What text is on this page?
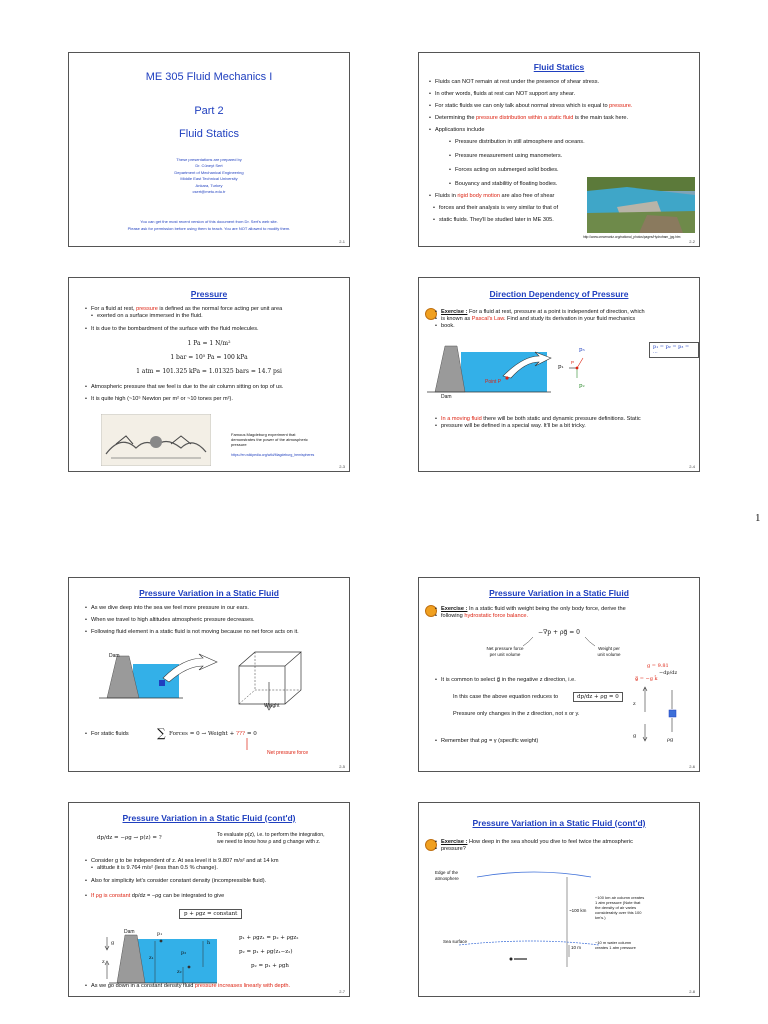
ME 305 Fluid Mechanics I
Part 2
Fluid Statics
These presentations are prepared by
Dr. Cüneyt Sert
Department of Mechanical Engineering
Middle East Technical University
Ankara, Turkey
csert@metu.edu.tr
You can get the most recent version of this document from Dr. Sert's web site.
Please ask for permission before using them to teach. You are NOT allowed to modify them.
2-1
Fluid Statics
• Fluids can NOT remain at rest under the presence of shear stress.
• In other words, fluids at rest can NOT support any shear.
• For static fluids we can only talk about normal stress which is equal to pressure.
• Determining the pressure distribution within a static fluid is the main task here.
• Applications include
• Pressure distribution in still atmosphere and oceans.
• Pressure measurement using manometers.
• Forces acting on submerged solid bodies.
• Bouyancy and stabilitiy of floating bodies.
• Fluids in rigid body motion are also free of shear
• forces and their analysis is very similar to that of
• static fluids. They'll be studied later in ME 305.
http://www.crewmarkz.org/national_photos/pages/Hydrofram_jpg.htm
2-2
Pressure
• For a fluid at rest, pressure is defined as the normal force acting per unit area
• exerted on a surface immersed in the fluid.
• It is due to the bombardment of the surface with the fluid molecules.
1 Pa = 1 N/m²
1 bar = 10⁵ Pa = 100 kPa
1 atm = 101.325 kPa = 1.01325 bars = 14.7 psi
• Atmospheric pressure that we feel is due to the air column sitting on top of us.
• It is quite high (~10⁵ Newton per m² or ~10 tones per m²).
Famous Magdeburg experiment that demonstrates the power of the atmospheric pressure
https://en.wikipedia.org/wiki/Magdeburg_hemispheres
2-3
Direction Dependency of Pressure
• Exercise : For a fluid at rest, pressure at a point is independent of direction, which
• is known as Pascal's Law. Find and study its derivation in your fluid mechanics
• book.
Dam
Point P
p₁
p₃
p₂
P
p₁ = p₂ = p₃ = ···
• In a moving fluid there will be both static and dynamic pressure definitions. Static
• pressure will be defined in a special way. It'll be a bit tricky.
2-4
1
Pressure Variation in a Static Fluid
• As we dive deep into the sea we feel more pressure in our ears.
• When we travel to high altitudes atmospheric pressure decreases.
• Following fluid element in a static fluid is not moving because no net force acts on it.
Dam
Weight
• For static fluids ∑ Forces = 0 → Weight + ??? = 0
Net pressure force
2-5
Pressure Variation in a Static Fluid
• Exercise : In a static fluid with weight being the only body force, derive the
• following hydrostatic force balance.
−∇p + ρg⃗ = 0
Net pressure force
per unit volume
Weight per
unit volume
g = 9.81
g⃗ = −g k̂
• It is common to select g⃗ in the negative z direction, i.e.
In this case the above equation reduces to	dp/dz + ρg = 0
Pressure only changes in the z direction, not x or y.
−dp/dz
z
g
ρg
• Remember that ρg = γ (specific weight)
2-6
Pressure Variation in a Static Fluid (cont'd)
dp/dz = −ρg → p(z) = ?	To evaluate p(z), i.e. to perform the integration,
we need to know how ρ and g change with z.
• Consider g to be independent of z. At sea level it is 9.807 m/s² and at 14 km
• altitude it is 9.764 m/s² (less than 0.5 % change).
• Also for simplicity let's consider constant density (incompressible fluid).
• If ρg is constant dp/dz = −ρg can be integrated to give
p + ρgz = constant
Dam
g
z
p₁
p₂
z₁
z₂
h
p₁ + ρgz₁ = p₂ + ρgz₂
p₂ = p₁ + ρg(z₁−z₂)
p₂ = p₁ + ρgh
• As we go down in a constant density fluid pressure increases linearly with depth.
2-7
Pressure Variation in a Static Fluid (cont'd)
• Exercise : How deep in the sea should you dive to feel twice the atmospheric
• pressure?
Edge of the
atmosphere
~100 km
~100 km air column creates
1 atm pressure (Note that
the density of air varies
considerably over this 100
km's.)
Sea surface
10 m
~10 m water column
creates 1 atm pressure
2-8
